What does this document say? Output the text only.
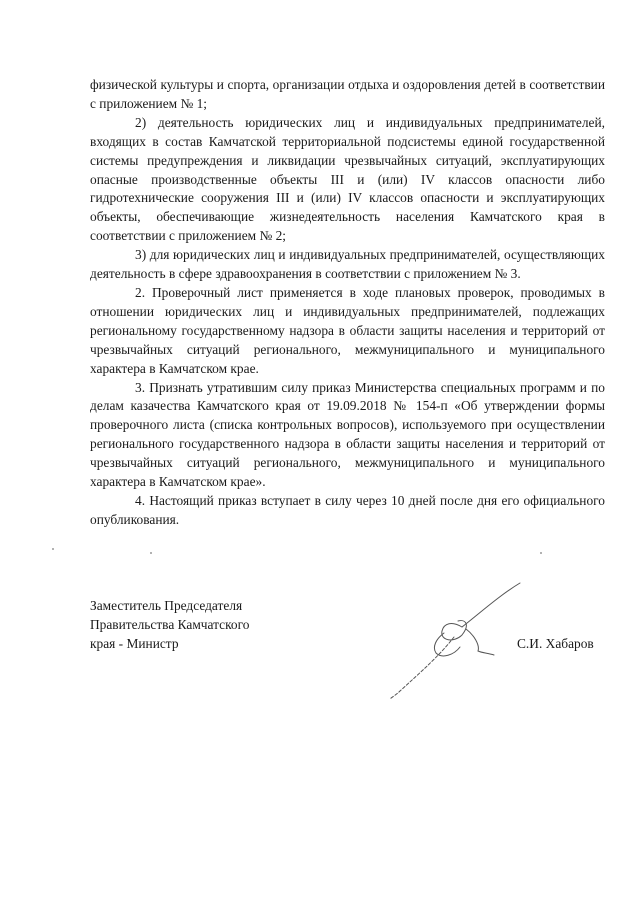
физической культуры и спорта, организации отдыха и оздоровления детей в соответствии с приложением № 1;

2) деятельность юридических лиц и индивидуальных предпринимателей, входящих в состав Камчатской территориальной подсистемы единой государственной системы предупреждения и ликвидации чрезвычайных ситуаций, эксплуатирующих опасные производственные объекты III и (или) IV классов опасности либо гидротехнические сооружения III и (или) IV классов опасности и эксплуатирующих объекты, обеспечивающие жизнедеятельность населения Камчатского края в соответствии с приложением № 2;

3) для юридических лиц и индивидуальных предпринимателей, осуществляющих деятельность в сфере здравоохранения в соответствии с приложением № 3.

2. Проверочный лист применяется в ходе плановых проверок, проводимых в отношении юридических лиц и индивидуальных предпринимателей, подлежащих региональному государственному надзора в области защиты населения и территорий от чрезвычайных ситуаций регионального, межмуниципального и муниципального характера в Камчатском крае.

3. Признать утратившим силу приказ Министерства специальных программ и по делам казачества Камчатского края от 19.09.2018 № 154-п «Об утверждении формы проверочного листа (списка контрольных вопросов), используемого при осуществлении регионального государственного надзора в области защиты населения и территорий от чрезвычайных ситуаций регионального, межмуниципального и муниципального характера в Камчатском крае».

4. Настоящий приказ вступает в силу через 10 дней после дня его официального опубликования.

Заместитель Председателя
Правительства Камчатского
края - Министр	С.И. Хабаров
